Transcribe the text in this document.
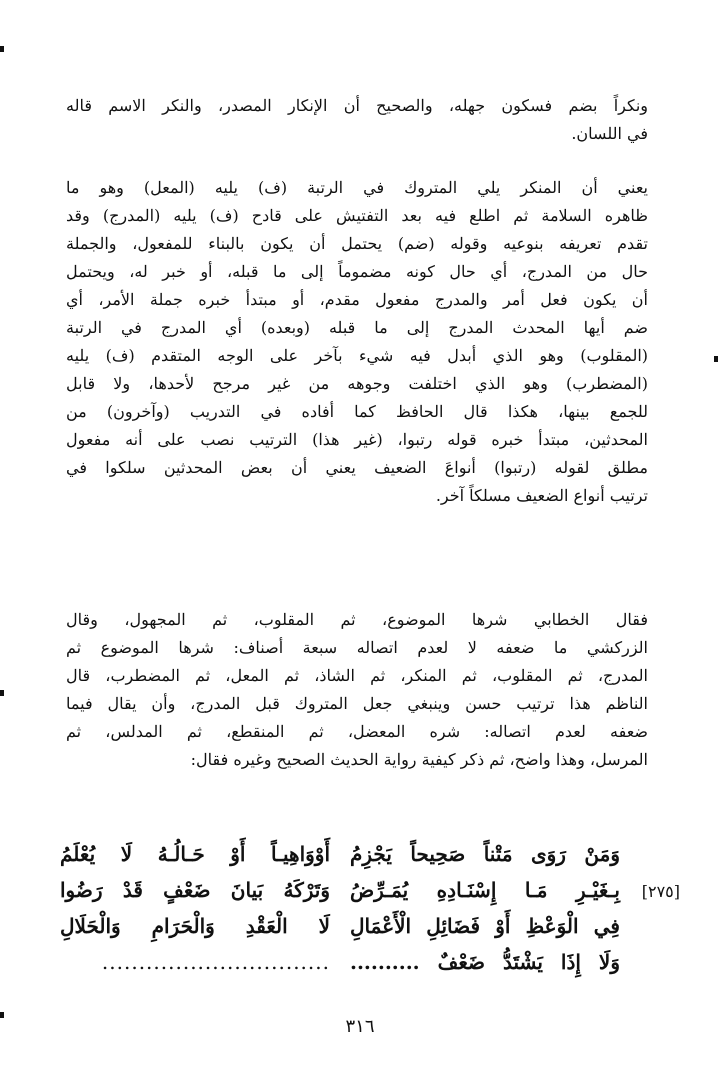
ونكراً بضم فسكون جهله، والصحيح أن الإنكار المصدر، والنكر الاسم قاله
في اللسان.

يعني أن المنكر يلي المتروك في الرتبة (ف) يليه (المعل) وهو ما
ظاهره السلامة ثم اطلع فيه بعد التفتيش على قادح (ف) يليه (المدرج) وقد
تقدم تعريفه بنوعيه وقوله (ضم) يحتمل أن يكون بالبناء للمفعول، والجملة
حال من المدرج، أي حال كونه مضموماً إلى ما قبله، أو خبر له، ويحتمل
أن يكون فعل أمر والمدرج مفعول مقدم، أو مبتدأ خبره جملة الأمر، أي
ضم أيها المحدث المدرج إلى ما قبله (وبعده) أي المدرج في الرتبة
(المقلوب) وهو الذي أبدل فيه شيء بآخر على الوجه المتقدم (ف) يليه
(المضطرب) وهو الذي اختلفت وجوهه من غير مرجح لأحدها، ولا قابل
للجمع بينها، هكذا قال الحافظ كما أفاده في التدريب (وآخرون) من
المحدثين، مبتدأ خبره قوله رتبوا، (غير هذا) الترتيب نصب على أنه مفعول
مطلق لقوله (رتبوا) أنواعَ الضعيف يعني أن بعض المحدثين سلكوا في
ترتيب أنواع الضعيف مسلكاً آخر.

فقال الخطابي شرها الموضوع، ثم المقلوب، ثم المجهول، وقال
الزركشي ما ضعفه لا لعدم اتصاله سبعة أصناف: شرها الموضوع ثم
المدرج، ثم المقلوب، ثم المنكر، ثم الشاذ، ثم المعل، ثم المضطرب، قال
الناظم هذا ترتيب حسن وينبغي جعل المتروك قبل المدرج، وأن يقال فيما
ضعفه لعدم اتصاله: شره المعضل، ثم المنقطع، ثم المدلس، ثم
المرسل، وهذا واضح، ثم ذكر كيفية رواية الحديث الصحيح وغيره فقال:

وَمَنْ رَوَى مَتْناً صَحِيحاً يَجْزِمُ
أَوْوَاهِيـاً أَوْ حَـالُـهُ لَا يُعْلَمُ
[٢٧٥]
بِـغَيْـرِ مَـا إِسْنَـادِهِ يُمَـرِّضُ
وَتَرْكَهُ بَيانَ ضَعْفٍ قَدْ رَضُوا
فِي الْوَعْظِ أَوْ فَضَائِلِ الْأَعْمَالِ
لَا الْعَقْدِ وَالْحَرَامِ وَالْحَلَالِ
وَلَا إِذَا يَشْتَدُّ ضَعْفٌ ..........
...............................
٣١٦
